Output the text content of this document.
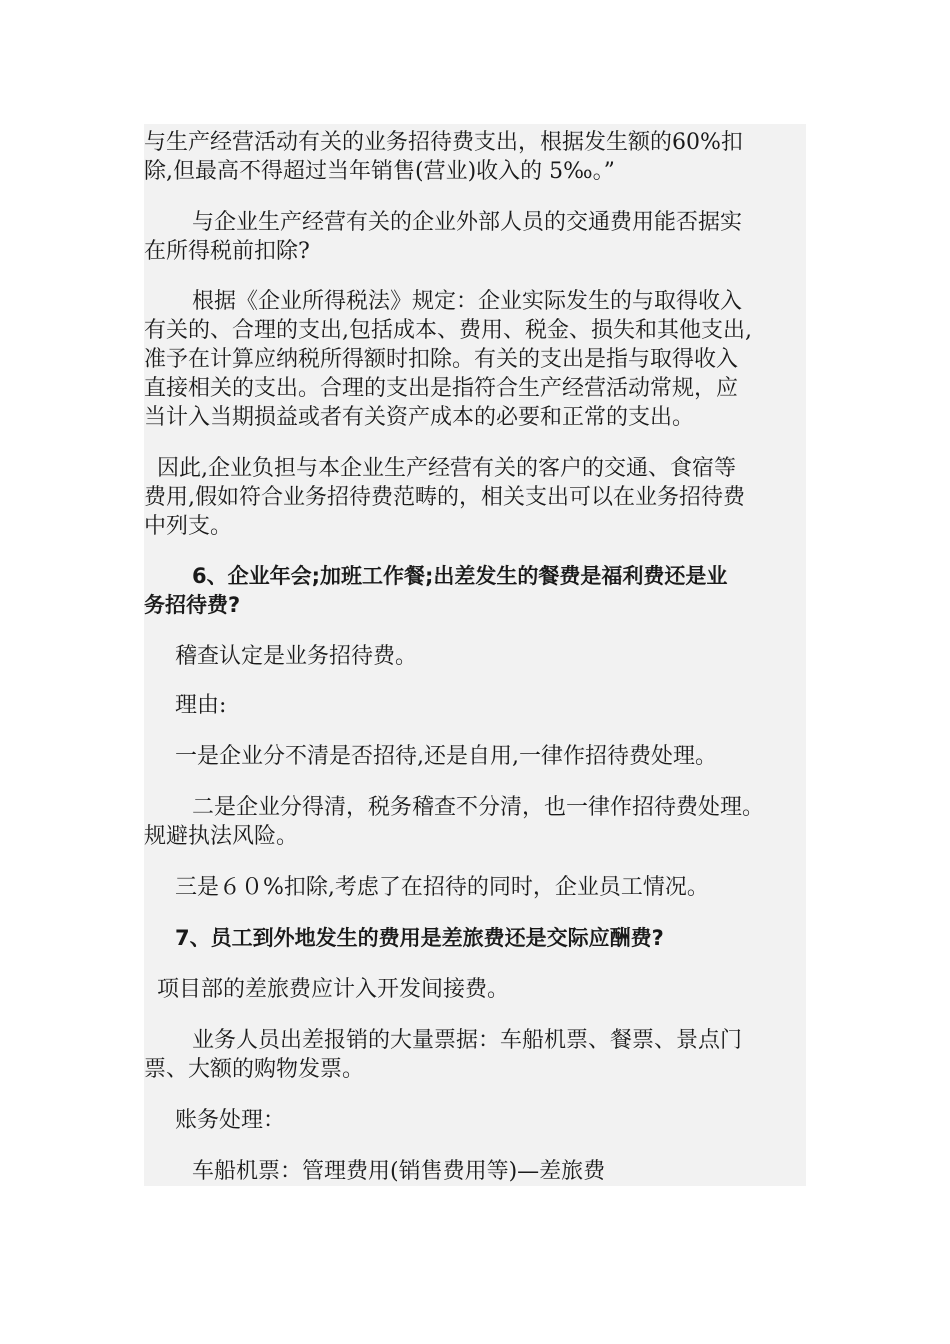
与生产经营活动有关的业务招待费支出，根据发生额的60%扣
除,但最高不得超过当年销售(营业)收入的 5‰。”
与企业生产经营有关的企业外部人员的交通费用能否据实
在所得税前扣除?
根据《企业所得税法》规定：企业实际发生的与取得收入
有关的、合理的支出,包括成本、费用、税金、损失和其他支出,
准予在计算应纳税所得额时扣除。有关的支出是指与取得收入
直接相关的支出。合理的支出是指符合生产经营活动常规，应
当计入当期损益或者有关资产成本的必要和正常的支出。
因此,企业负担与本企业生产经营有关的客户的交通、食宿等
费用,假如符合业务招待费范畴的，相关支出可以在业务招待费
中列支。
6、企业年会;加班工作餐;出差发生的餐费是福利费还是业
务招待费?
稽查认定是业务招待费。
理由:
一是企业分不清是否招待,还是自用,一律作招待费处理。
二是企业分得清，税务稽查不分清，也一律作招待费处理。
规避执法风险。
三是６０%扣除,考虑了在招待的同时，企业员工情况。
7、员工到外地发生的费用是差旅费还是交际应酬费?
项目部的差旅费应计入开发间接费。
业务人员出差报销的大量票据：车船机票、餐票、景点门
票、大额的购物发票。
账务处理：
车船机票：管理费用(销售费用等)—差旅费
